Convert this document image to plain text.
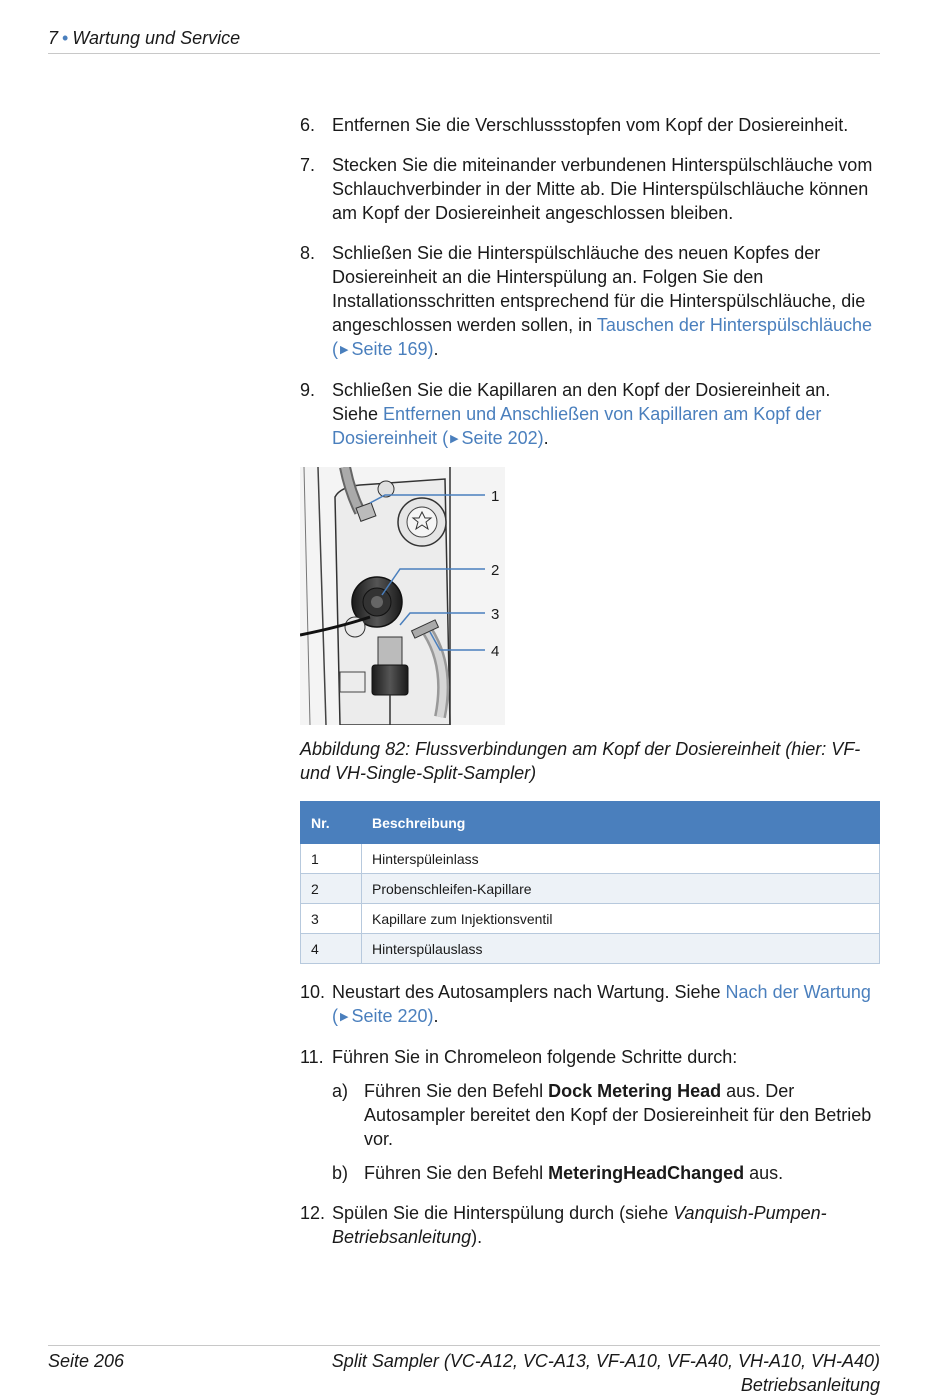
7 • Wartung und Service
6. Entfernen Sie die Verschlussstopfen vom Kopf der Dosiereinheit.
7. Stecken Sie die miteinander verbundenen Hinterspülschläuche vom Schlauchverbinder in der Mitte ab. Die Hinterspülschläuche können am Kopf der Dosiereinheit angeschlossen bleiben.
8. Schließen Sie die Hinterspülschläuche des neuen Kopfes der Dosiereinheit an die Hinterspülung an. Folgen Sie den Installationsschritten entsprechend für die Hinterspülschläuche, die angeschlossen werden sollen, in Tauschen der Hinterspülschläuche ( ▶ Seite 169).
9. Schließen Sie die Kapillaren an den Kopf der Dosiereinheit an. Siehe Entfernen und Anschließen von Kapillaren am Kopf der Dosiereinheit ( ▶ Seite 202).
1
2
3
4
Abbildung 82: Flussverbindungen am Kopf der Dosiereinheit (hier: VF- und VH-Single-Split-Sampler)
Nr.	Beschreibung
1	Hinterspüleinlass
2	Probenschleifen-Kapillare
3	Kapillare zum Injektionsventil
4	Hinterspülauslass
10. Neustart des Autosamplers nach Wartung. Siehe Nach der Wartung ( ▶ Seite 220).
11. Führen Sie in Chromeleon folgende Schritte durch:
a) Führen Sie den Befehl Dock Metering Head aus. Der Autosampler bereitet den Kopf der Dosiereinheit für den Betrieb vor.
b) Führen Sie den Befehl MeteringHeadChanged aus.
12. Spülen Sie die Hinterspülung durch (siehe Vanquish-Pumpen-Betriebsanleitung).
Seite 206	Split Sampler (VC-A12, VC-A13, VF-A10, VF-A40, VH-A10, VH-A40)
Betriebsanleitung
